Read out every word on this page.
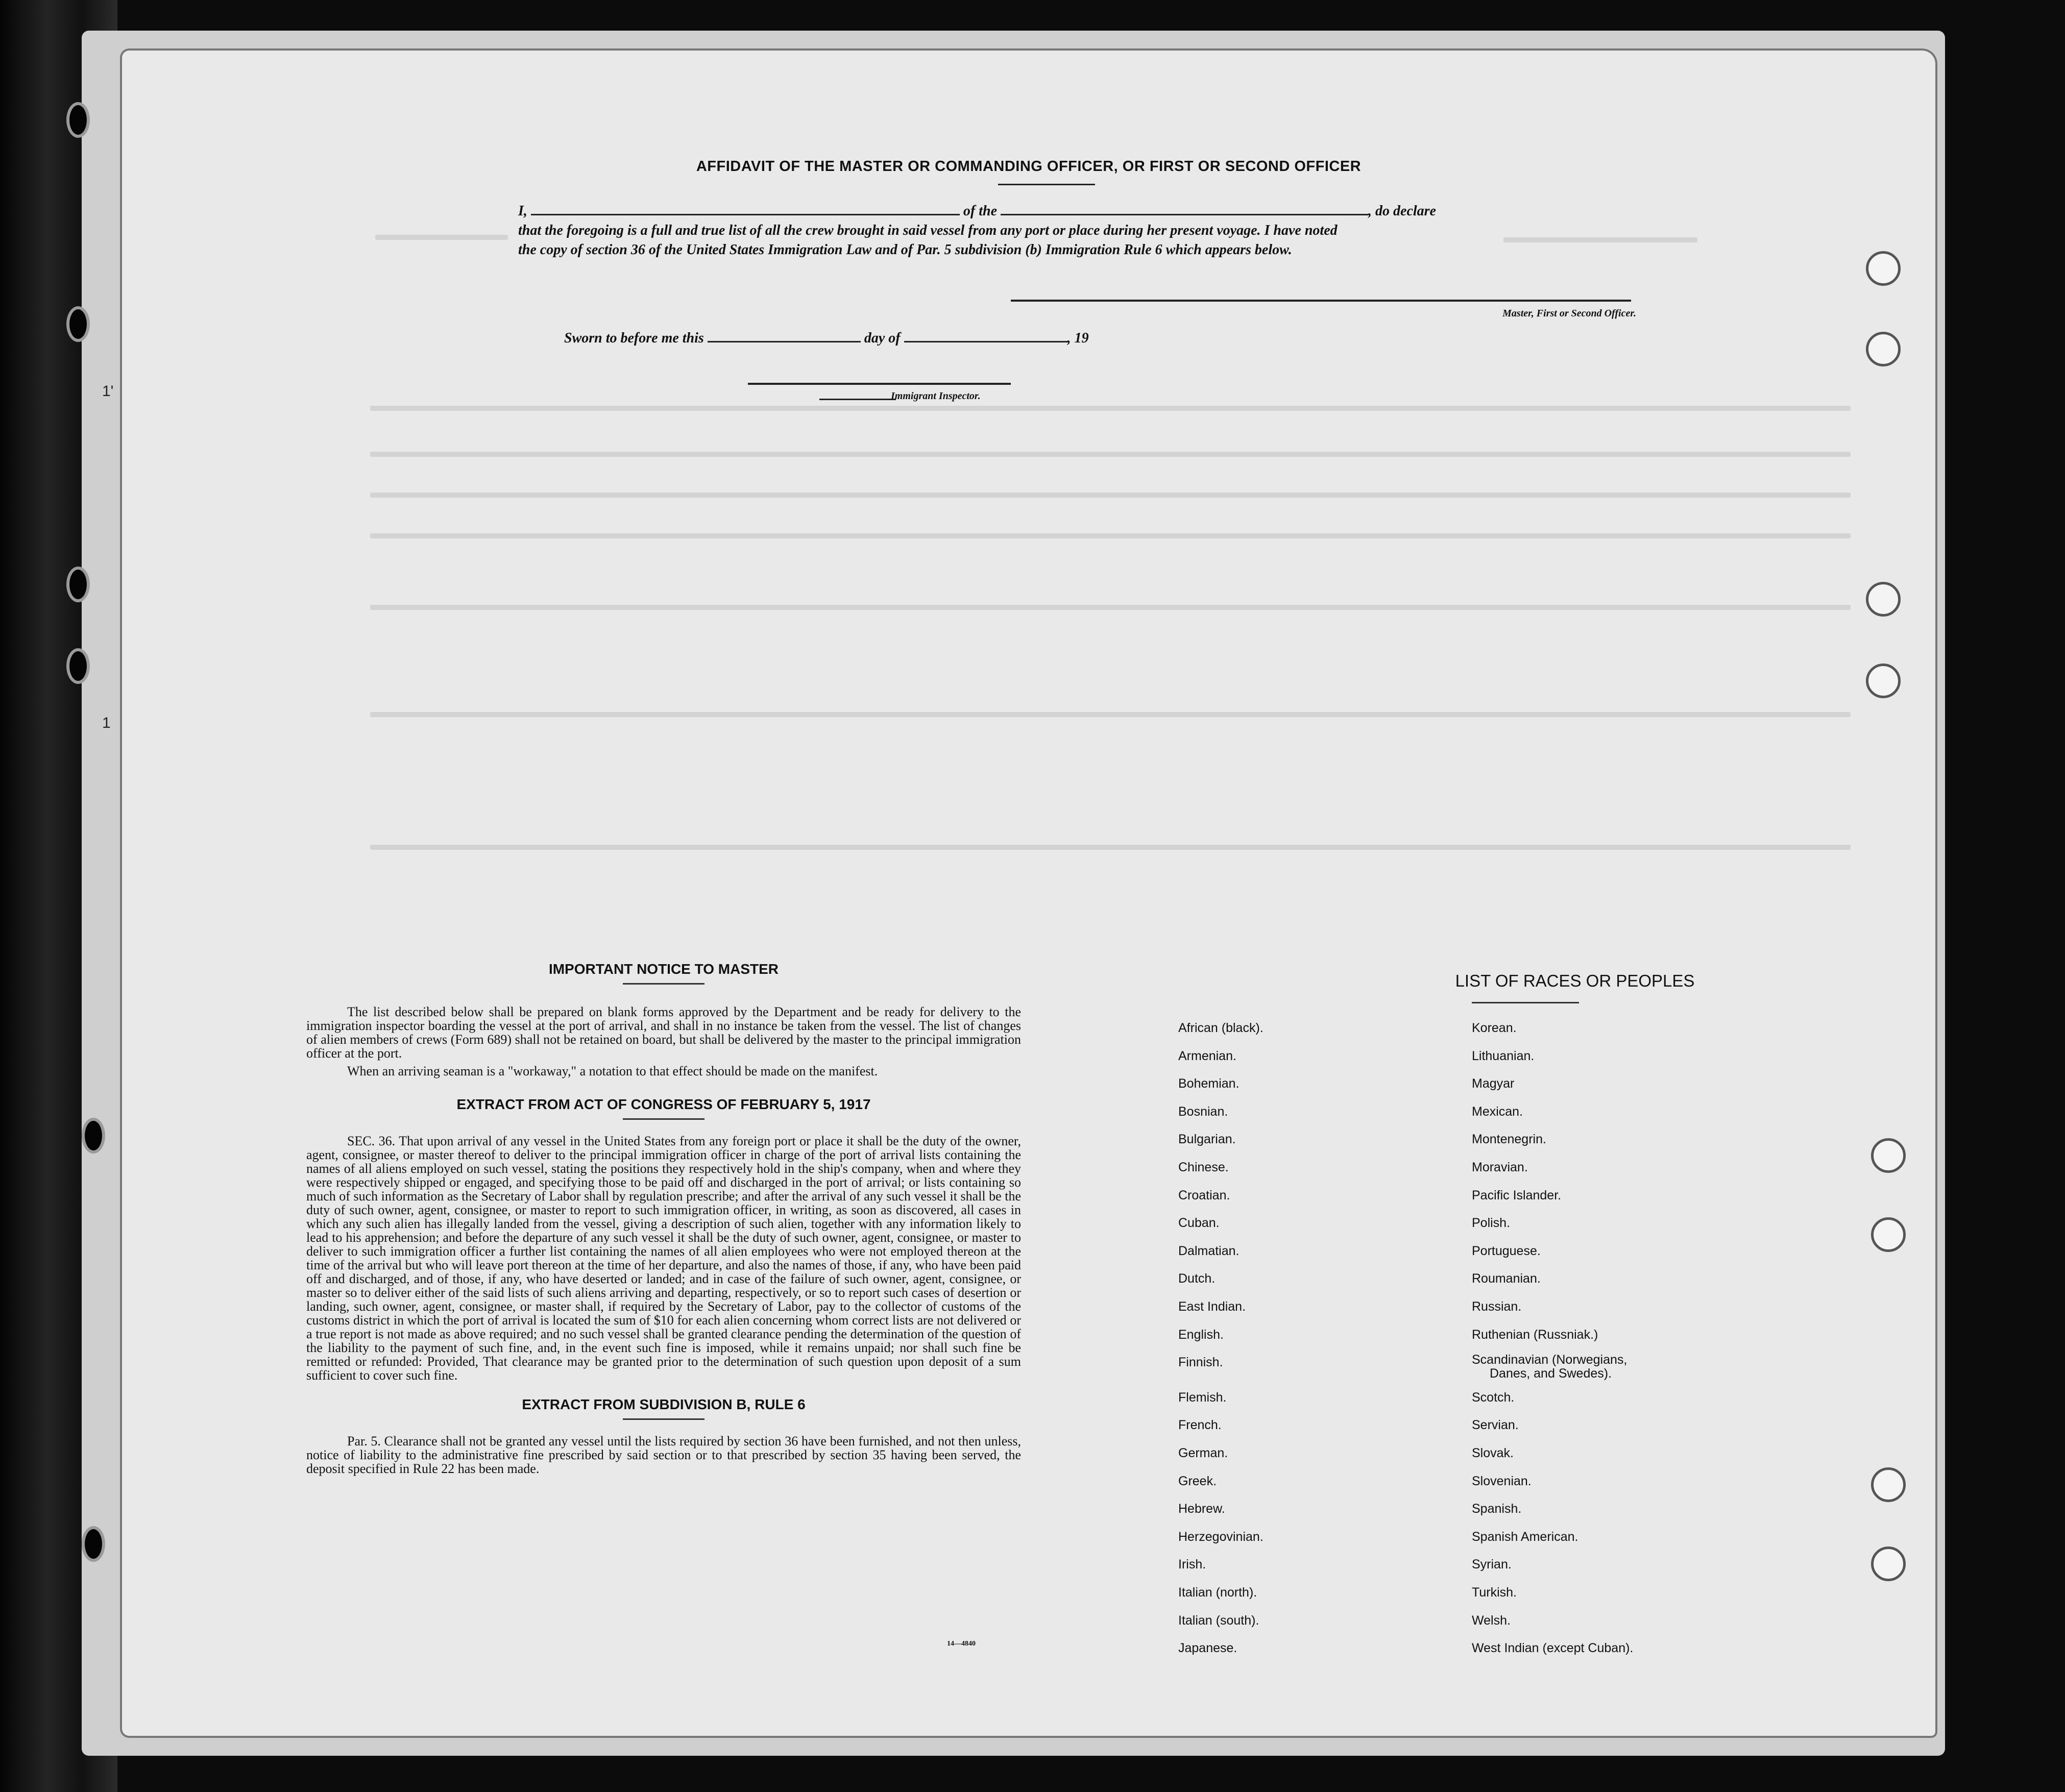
1'
1
AFFIDAVIT OF THE MASTER OR COMMANDING OFFICER, OR FIRST OR SECOND OFFICER
I,	of the	, do declare
that the foregoing is a full and true list of all the crew brought in said vessel from any port or place during her present voyage. I have noted
the copy of section 36 of the United States Immigration Law and of Par. 5 subdivision (b) Immigration Rule 6 which appears below.
Master, First or Second Officer.
Sworn to before me this	day of	, 19
Immigrant Inspector.
IMPORTANT NOTICE TO MASTER

The list described below shall be prepared on blank forms approved by the Department and be ready for delivery to the immigration inspector boarding the vessel at the port of arrival, and shall in no instance be taken from the vessel. The list of changes of alien members of crews (Form 689) shall not be retained on board, but shall be delivered by the master to the principal immigration officer at the port.

When an arriving seaman is a "workaway," a notation to that effect should be made on the manifest.

EXTRACT FROM ACT OF CONGRESS OF FEBRUARY 5, 1917

SEC. 36. That upon arrival of any vessel in the United States from any foreign port or place it shall be the duty of the owner, agent, consignee, or master thereof to deliver to the principal immigration officer in charge of the port of arrival lists containing the names of all aliens employed on such vessel, stating the positions they respectively hold in the ship's company, when and where they were respectively shipped or engaged, and specifying those to be paid off and discharged in the port of arrival; or lists containing so much of such information as the Secretary of Labor shall by regulation prescribe; and after the arrival of any such vessel it shall be the duty of such owner, agent, consignee, or master to report to such immigration officer, in writing, as soon as discovered, all cases in which any such alien has illegally landed from the vessel, giving a description of such alien, together with any information likely to lead to his apprehension; and before the departure of any such vessel it shall be the duty of such owner, agent, consignee, or master to deliver to such immigration officer a further list containing the names of all alien employees who were not employed thereon at the time of the arrival but who will leave port thereon at the time of her departure, and also the names of those, if any, who have been paid off and discharged, and of those, if any, who have deserted or landed; and in case of the failure of such owner, agent, consignee, or master so to deliver either of the said lists of such aliens arriving and departing, respectively, or so to report such cases of desertion or landing, such owner, agent, consignee, or master shall, if required by the Secretary of Labor, pay to the collector of customs of the customs district in which the port of arrival is located the sum of $10 for each alien concerning whom correct lists are not delivered or a true report is not made as above required; and no such vessel shall be granted clearance pending the determination of the question of the liability to the payment of such fine, and, in the event such fine is imposed, while it remains unpaid; nor shall such fine be remitted or refunded: Provided, That clearance may be granted prior to the determination of such question upon deposit of a sum sufficient to cover such fine.

EXTRACT FROM SUBDIVISION B, RULE 6

Par. 5. Clearance shall not be granted any vessel until the lists required by section 36 have been furnished, and not then unless, notice of liability to the administrative fine prescribed by said section or to that prescribed by section 35 having been served, the deposit specified in Rule 22 has been made.

14—4840
LIST OF RACES OR PEOPLES
African (black).
Armenian.
Bohemian.
Bosnian.
Bulgarian.
Chinese.
Croatian.
Cuban.
Dalmatian.
Dutch.
East Indian.
English.
Finnish.
Flemish.
French.
German.
Greek.
Hebrew.
Herzegovinian.
Irish.
Italian (north).
Italian (south).
Japanese.
Korean.
Lithuanian.
Magyar
Mexican.
Montenegrin.
Moravian.
Pacific Islander.
Polish.
Portuguese.
Roumanian.
Russian.
Ruthenian (Russniak.)
Scandinavian (Norwegians,
Danes, and Swedes).
Scotch.
Servian.
Slovak.
Slovenian.
Spanish.
Spanish American.
Syrian.
Turkish.
Welsh.
West Indian (except Cuban).
